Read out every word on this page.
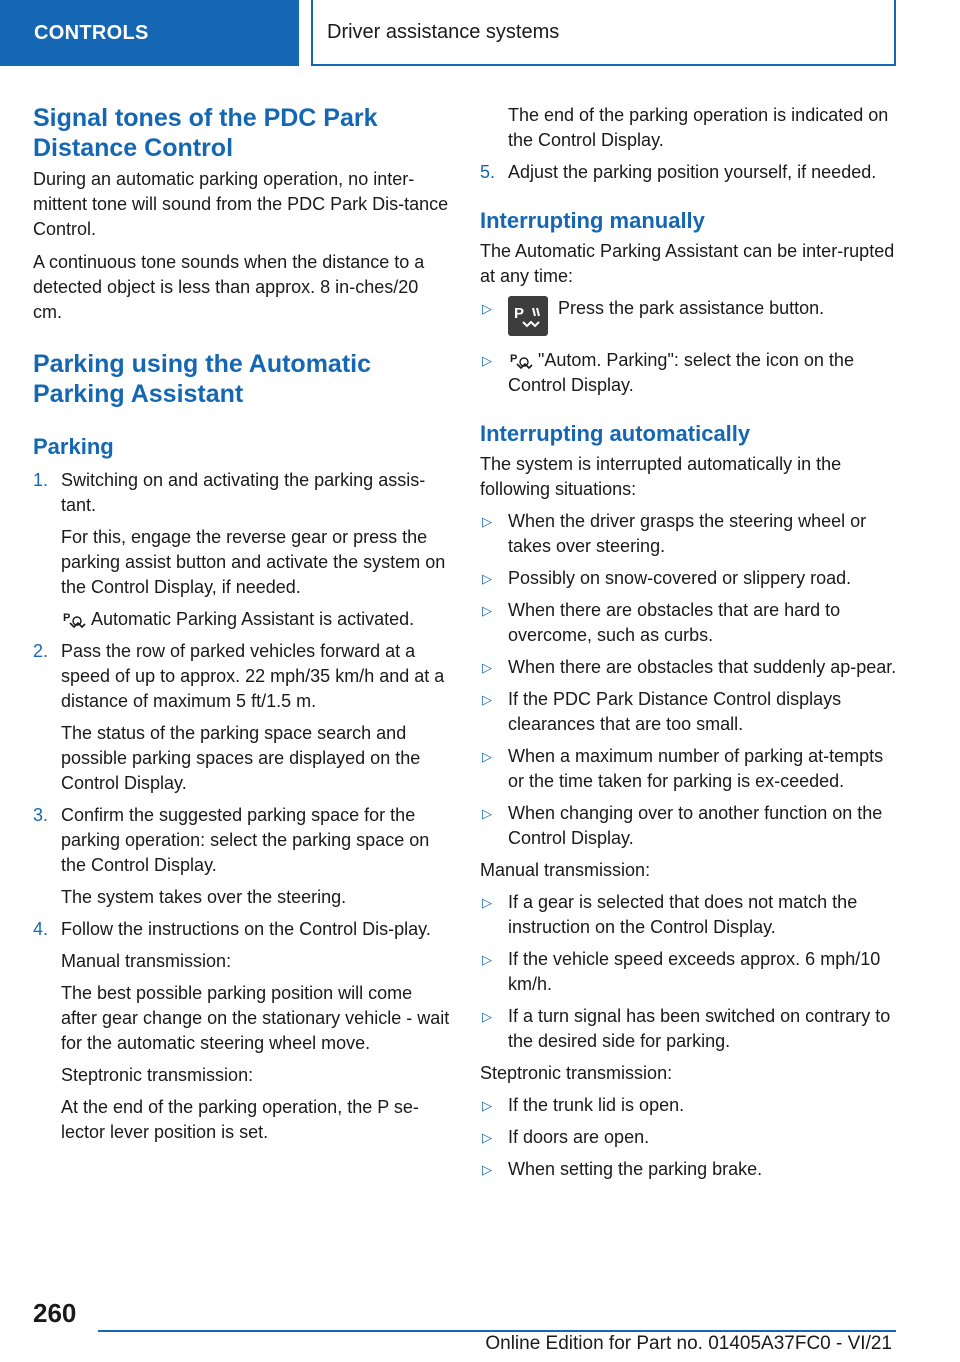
CONTROLS	Driver assistance systems
Signal tones of the PDC Park Distance Control

During an automatic parking operation, no inter-mittent tone will sound from the PDC Park Dis-tance Control.

A continuous tone sounds when the distance to a detected object is less than approx. 8 in-ches/20 cm.

Parking using the Automatic Parking Assistant
Parking
1. Switching on and activating the parking assis-tant.

For this, engage the reverse gear or press the parking assist button and activate the system on the Control Display, if needed.

P Automatic Parking Assistant is activated.

2. Pass the row of parked vehicles forward at a speed of up to approx. 22 mph/35 km/h and at a distance of maximum 5 ft/1.5 m.

The status of the parking space search and possible parking spaces are displayed on the Control Display.

3. Confirm the suggested parking space for the parking operation: select the parking space on the Control Display.

The system takes over the steering.

4. Follow the instructions on the Control Dis-play.

Manual transmission:

The best possible parking position will come after gear change on the stationary vehicle - wait for the automatic steering wheel move.

Steptronic transmission:

At the end of the parking operation, the P se-lector lever position is set.

The end of the parking operation is indicated on the Control Display.

5. Adjust the parking position yourself, if needed.
Interrupting manually

The Automatic Parking Assistant can be inter-rupted at any time:

▷	P Press the park assistance button.
▷	P "Autom. Parking": select the icon on the Control Display.
Interrupting automatically

The system is interrupted automatically in the following situations:

▷ When the driver grasps the steering wheel or takes over steering.
▷ Possibly on snow-covered or slippery road.
▷ When there are obstacles that are hard to overcome, such as curbs.
▷ When there are obstacles that suddenly ap-pear.
▷ If the PDC Park Distance Control displays clearances that are too small.
▷ When a maximum number of parking at-tempts or the time taken for parking is ex-ceeded.
▷ When changing over to another function on the Control Display.

Manual transmission:

▷ If a gear is selected that does not match the instruction on the Control Display.
▷ If the vehicle speed exceeds approx. 6 mph/10 km/h.
▷ If a turn signal has been switched on contrary to the desired side for parking.

Steptronic transmission:

▷ If the trunk lid is open.
▷ If doors are open.
▷ When setting the parking brake.
260
Online Edition for Part no. 01405A37FC0 - VI/21
